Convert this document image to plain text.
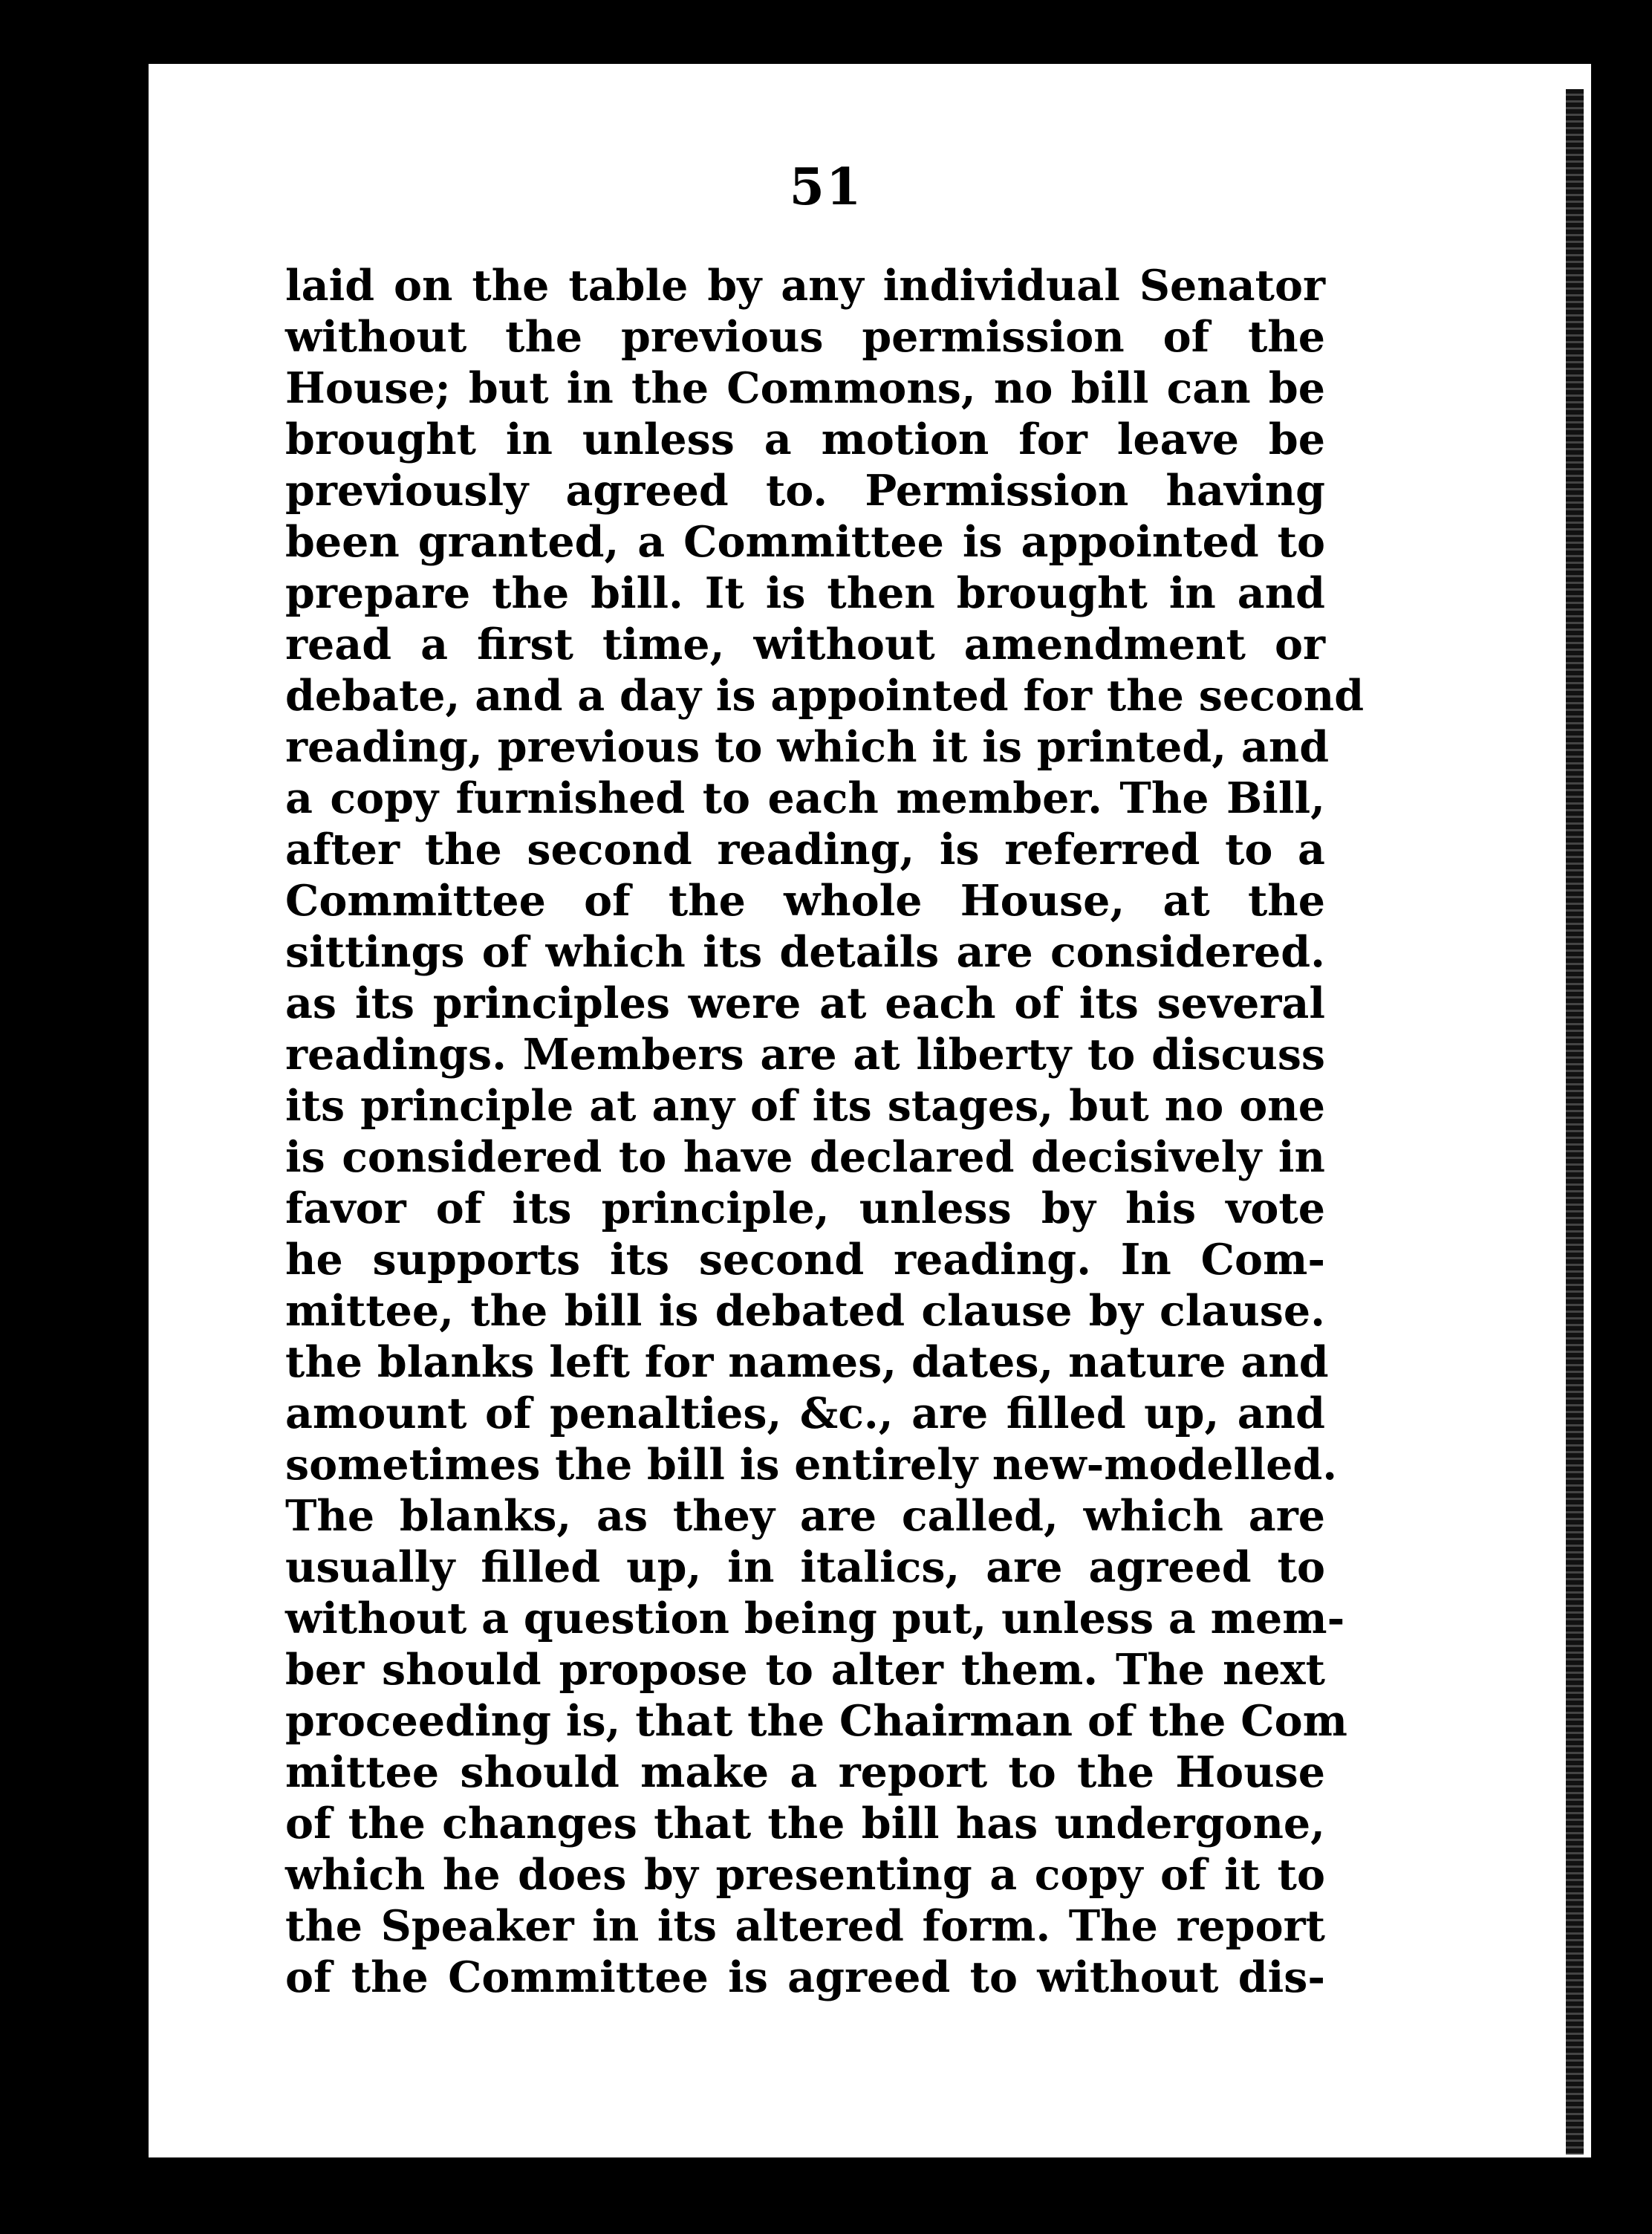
51
laid on the table by any individual Senator
without the previous permission of the
House; but in the Commons, no bill can be
brought in unless a motion for leave be
previously agreed to. Permission having
been granted, a Committee is appointed to
prepare the bill. It is then brought in and
read a first time, without amendment or
debate, and a day is appointed for the second
reading, previous to which it is printed, and
a copy furnished to each member. The Bill,
after the second reading, is referred to a
Committee of the whole House, at the
sittings of which its details are considered.
as its principles were at each of its several
readings. Members are at liberty to discuss
its principle at any of its stages, but no one
is considered to have declared decisively in
favor of its principle, unless by his vote
he supports its second reading. In Com-
mittee, the bill is debated clause by clause.
the blanks left for names, dates, nature and
amount of penalties, &c., are filled up, and
sometimes the bill is entirely new-modelled.
The blanks, as they are called, which are
usually filled up, in italics, are agreed to
without a question being put, unless a mem-
ber should propose to alter them. The next
proceeding is, that the Chairman of the Com
mittee should make a report to the House
of the changes that the bill has undergone,
which he does by presenting a copy of it to
the Speaker in its altered form. The report
of the Committee is agreed to without dis-
